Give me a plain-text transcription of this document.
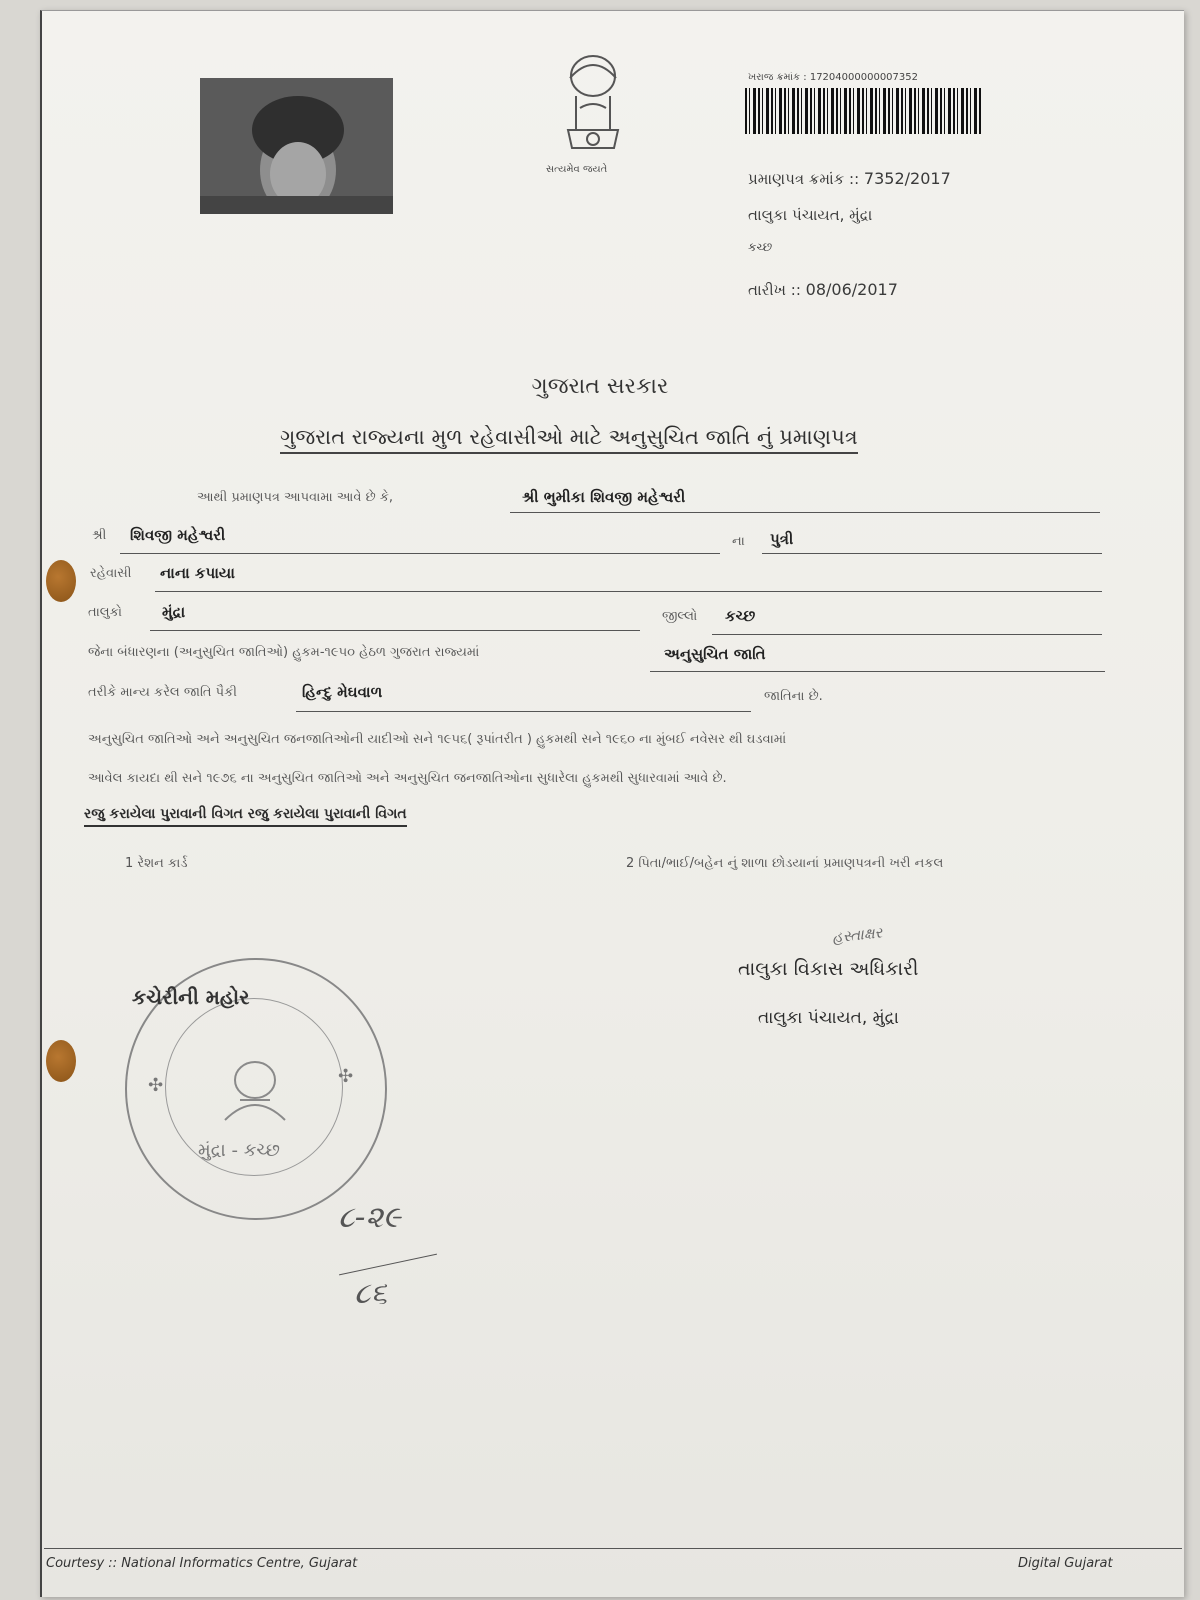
સત્યમેવ જયતે
ખરાજ ક્રમાંક : 17204000000007352
પ્રમાણપત્ર ક્રમાંક :: 7352/2017
તાલુકા પંચાયત, મુંદ્રા
કચ્છ
તારીખ :: 08/06/2017
ગુજરાત સરકાર
ગુજરાત રાજ્યના મુળ રહેવાસીઓ માટે અનુસુચિત જાતિ નું પ્રમાણપત્ર
આથી પ્રમાણપત્ર આપવામા આવે છે કે,	શ્રી ભુમીકા શિવજી મહેશ્વરી
શ્રી શિવજી મહેશ્વરી	ના પુત્રી
રહેવાસી નાના કપાયા
તાલુકો	મુંદ્રા	જીલ્લો કચ્છ
જેના બંધારણના (અનુસુચિત જાતિઓ) હુકમ-૧૯૫૦ હેઠળ ગુજરાત રાજ્યમાં	અનુસુચિત જાતિ
તરીકે માન્ય કરેલ જાતિ પૈકી	હિન્દુ મેઘવાળ	જાતિના છે.
અનુસુચિત જાતિઓ અને અનુસુચિત જનજાતિઓની યાદીઓ સને ૧૯૫૬( રૂપાંતરીત ) હુકમથી સને ૧૯૬૦ ના મુંબઈ નવેસર થી ઘડવામાં
આવેલ કાયદા થી સને ૧૯૭૬ ના અનુસુચિત જાતિઓ અને અનુસુચિત જનજાતિઓના સુધારેલા હુકમથી સુધારવામાં આવે છે.
રજુ કરાયેલા પુરાવાની વિગત રજુ કરાયેલા પુરાવાની વિગત
1 રેશન કાર્ડ	2 પિતા/ભાઈ/બહેન નું શાળા છોડયાનાં પ્રમાણપત્રની ખરી નકલ
હસ્તાક્ષર
તાલુકા વિકાસ અધિકારી
તાલુકા પંચાયત, મુંદ્રા
✣	✣
કચેરીની મહોર
મુંદ્રા - કચ્છ
૮-૨૯
૮૬
Courtesy :: National Informatics Centre, Gujarat	Digital Gujarat
